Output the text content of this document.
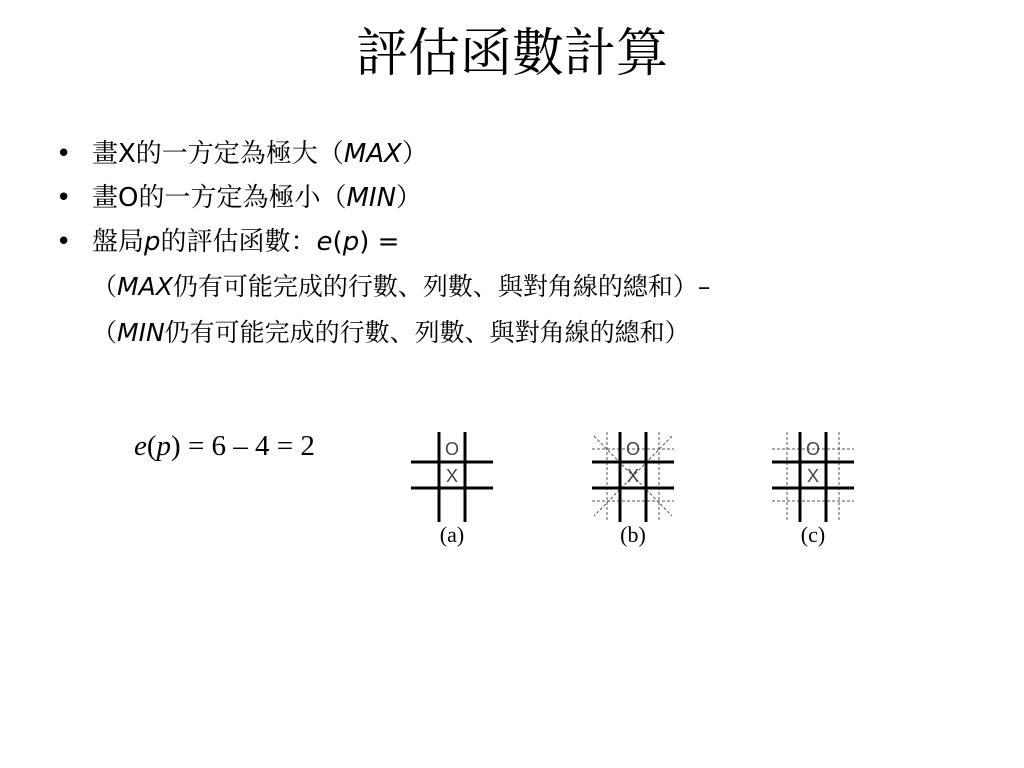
評估函數計算
• 畫X的一方定為極大（ MAX ）
• 畫O的一方定為極小（ MIN ）
• 盤局 p 的評估函數： e ( p ) =
（MAX仍有可能完成的行數、列數、與對角線的總和）–
（MIN仍有可能完成的行數、列數、與對角線的總和）
e(p) = 6 – 4 = 2	O
X
(a)
O
X
(b)
O
X
(c)
